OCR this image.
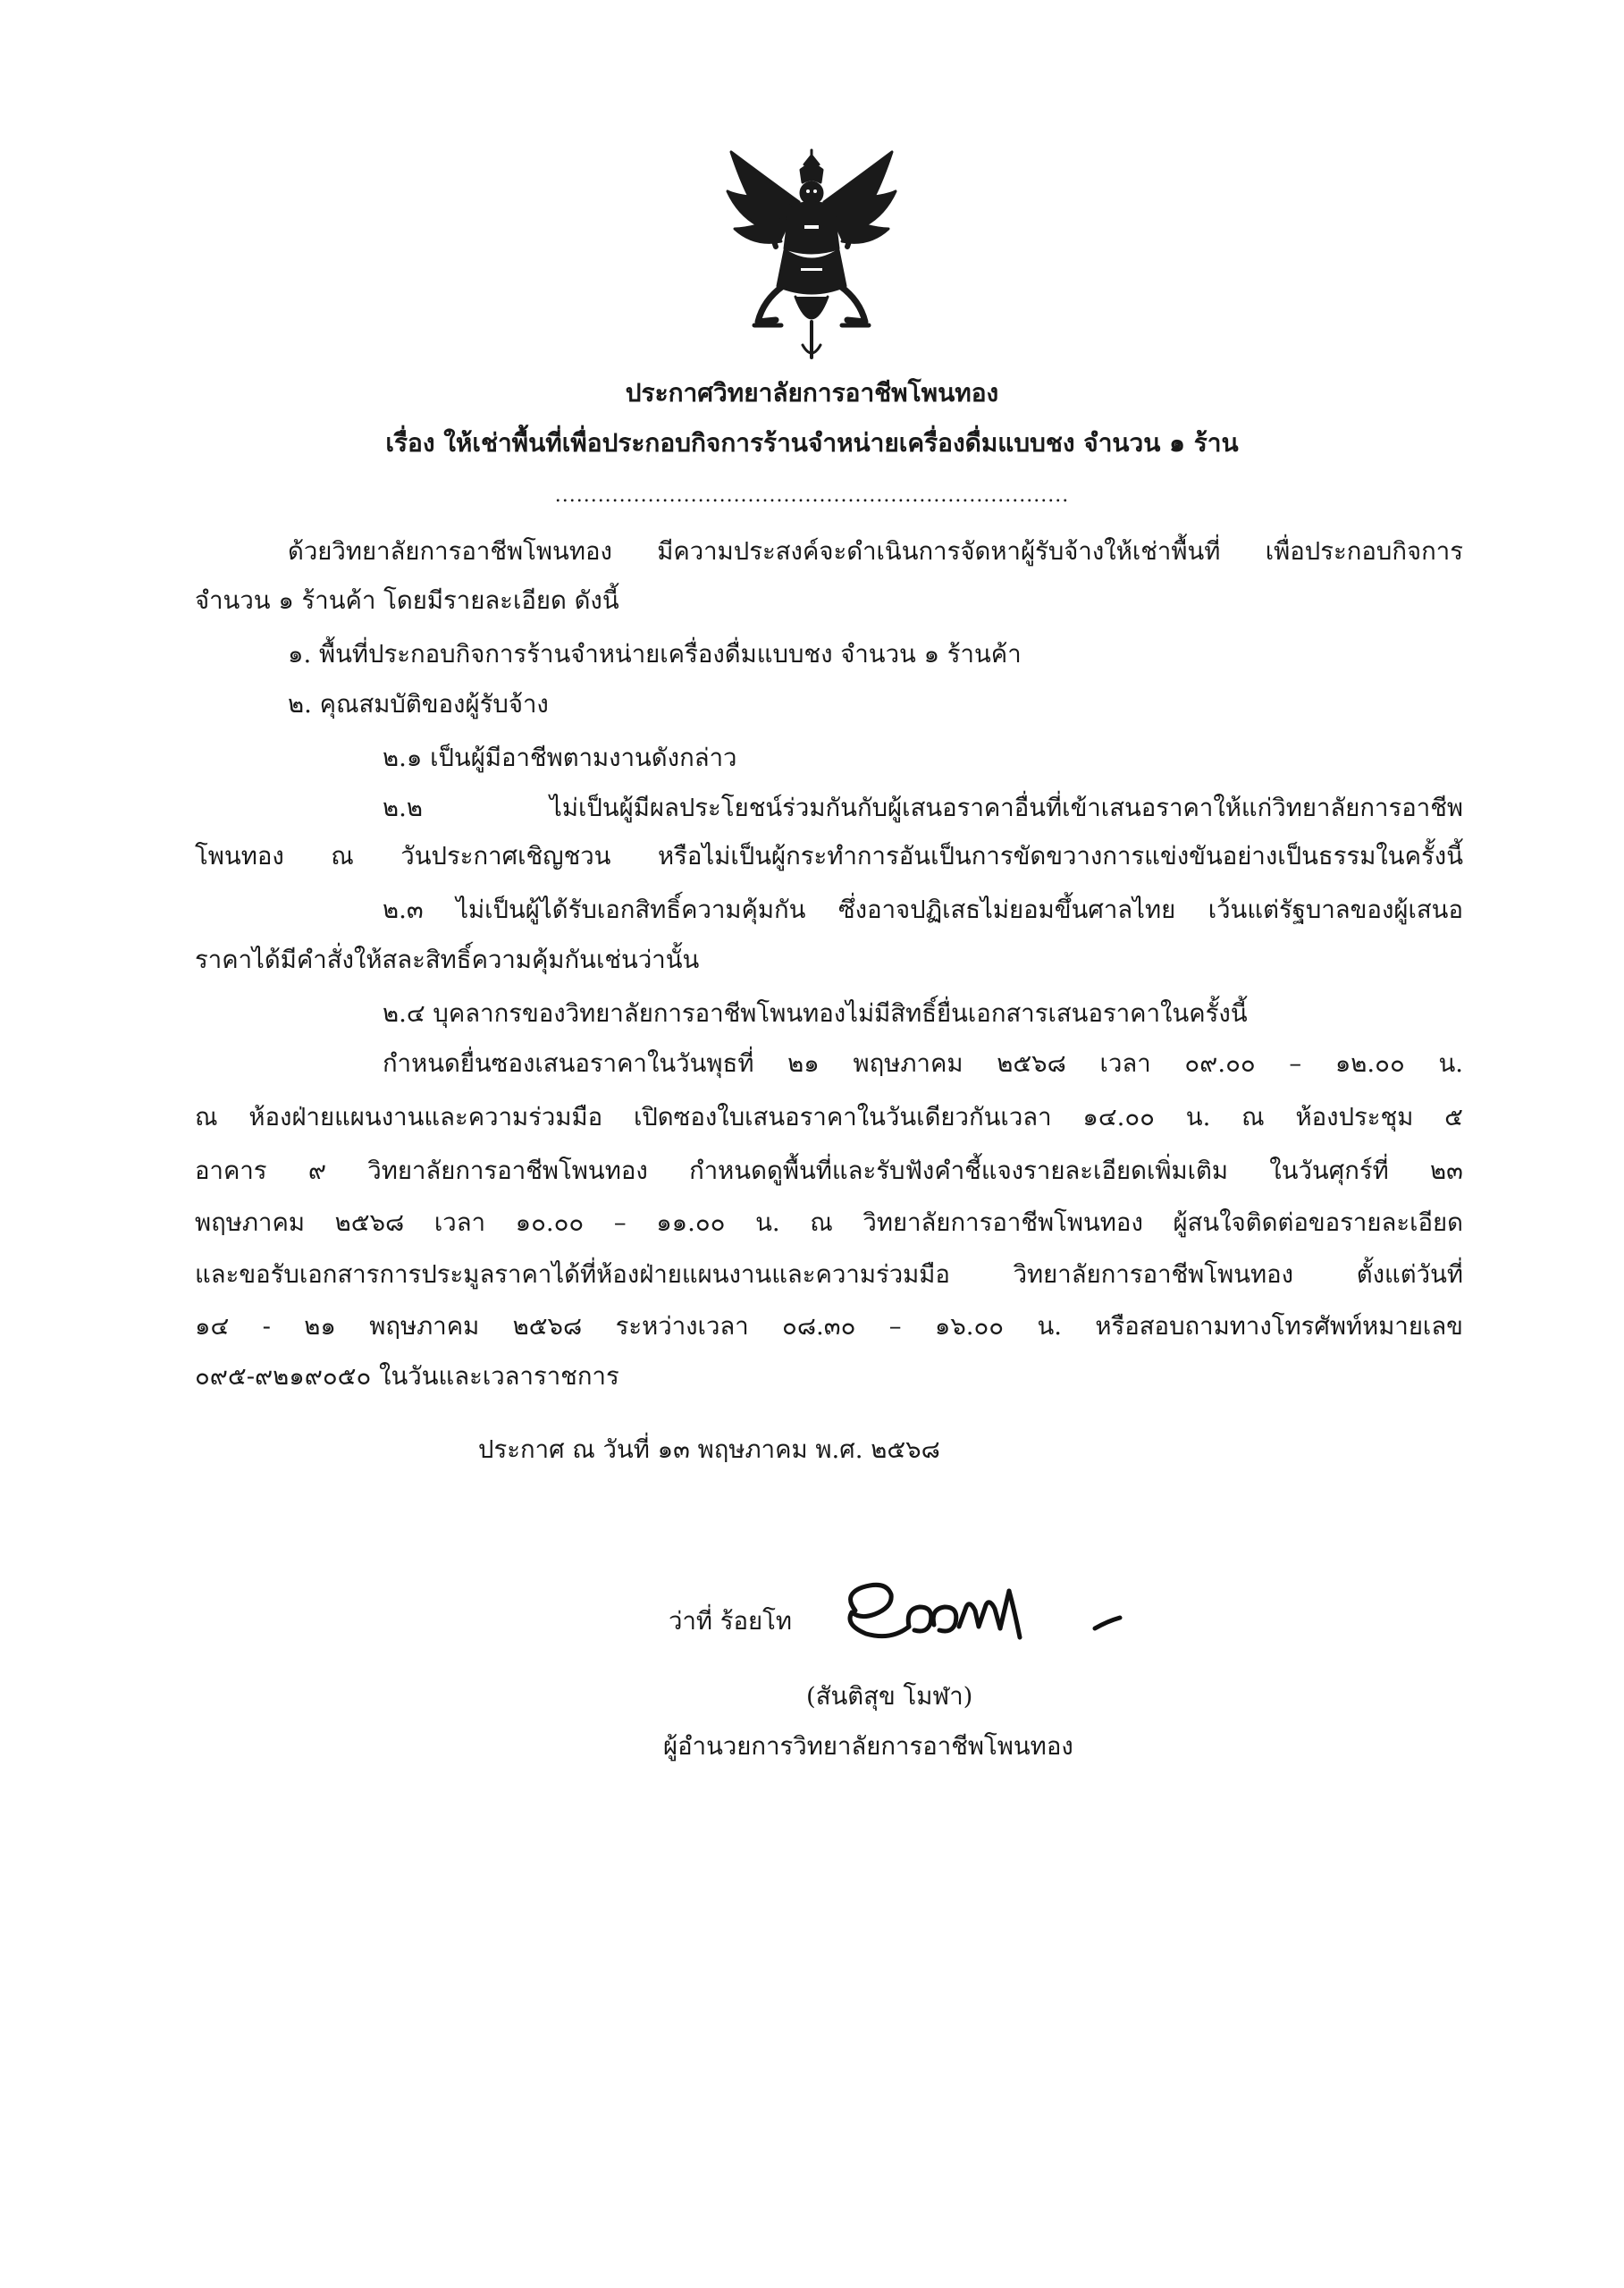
ประกาศวิทยาลัยการอาชีพโพนทอง
เรื่อง ให้เช่าพื้นที่เพื่อประกอบกิจการร้านจำหน่ายเครื่องดื่มแบบชง จำนวน ๑ ร้าน
........................................................................
ด้วยวิทยาลัยการอาชีพโพนทอง มีความประสงค์จะดำเนินการจัดหาผู้รับจ้างให้เช่าพื้นที่ เพื่อประกอบกิจการ
จำนวน ๑ ร้านค้า โดยมีรายละเอียด ดังนี้
๑. พื้นที่ประกอบกิจการร้านจำหน่ายเครื่องดื่มแบบชง จำนวน ๑ ร้านค้า
๒. คุณสมบัติของผู้รับจ้าง
๒.๑ เป็นผู้มีอาชีพตามงานดังกล่าว
๒.๒ ไม่เป็นผู้มีผลประโยชน์ร่วมกันกับผู้เสนอราคาอื่นที่เข้าเสนอราคาให้แก่วิทยาลัยการอาชีพ
โพนทอง ณ วันประกาศเชิญชวน หรือไม่เป็นผู้กระทำการอันเป็นการขัดขวางการแข่งขันอย่างเป็นธรรมในครั้งนี้
๒.๓ ไม่เป็นผู้ได้รับเอกสิทธิ์ความคุ้มกัน ซึ่งอาจปฏิเสธไม่ยอมขึ้นศาลไทย เว้นแต่รัฐบาลของผู้เสนอ
ราคาได้มีคำสั่งให้สละสิทธิ์ความคุ้มกันเช่นว่านั้น
๒.๔ บุคลากรของวิทยาลัยการอาชีพโพนทองไม่มีสิทธิ์ยื่นเอกสารเสนอราคาในครั้งนี้
กำหนดยื่นซองเสนอราคาในวันพุธที่ ๒๑ พฤษภาคม ๒๕๖๘ เวลา ๐๙.๐๐ – ๑๒.๐๐ น.
ณ ห้องฝ่ายแผนงานและความร่วมมือ เปิดซองใบเสนอราคาในวันเดียวกันเวลา ๑๔.๐๐ น. ณ ห้องประชุม ๕
อาคาร ๙ วิทยาลัยการอาชีพโพนทอง กำหนดดูพื้นที่และรับฟังคำชี้แจงรายละเอียดเพิ่มเติม ในวันศุกร์ที่ ๒๓
พฤษภาคม ๒๕๖๘ เวลา ๑๐.๐๐ – ๑๑.๐๐ น. ณ วิทยาลัยการอาชีพโพนทอง ผู้สนใจติดต่อขอรายละเอียด
และขอรับเอกสารการประมูลราคาได้ที่ห้องฝ่ายแผนงานและความร่วมมือ วิทยาลัยการอาชีพโพนทอง ตั้งแต่วันที่
๑๔ - ๒๑ พฤษภาคม ๒๕๖๘ ระหว่างเวลา ๐๘.๓๐ – ๑๖.๐๐ น. หรือสอบถามทางโทรศัพท์หมายเลข
๐๙๕-๙๒๑๙๐๕๐ ในวันและเวลาราชการ
ประกาศ ณ วันที่ ๑๓ พฤษภาคม พ.ศ. ๒๕๖๘
ว่าที่ ร้อยโท
(สันติสุข โมฬา)
ผู้อำนวยการวิทยาลัยการอาชีพโพนทอง
